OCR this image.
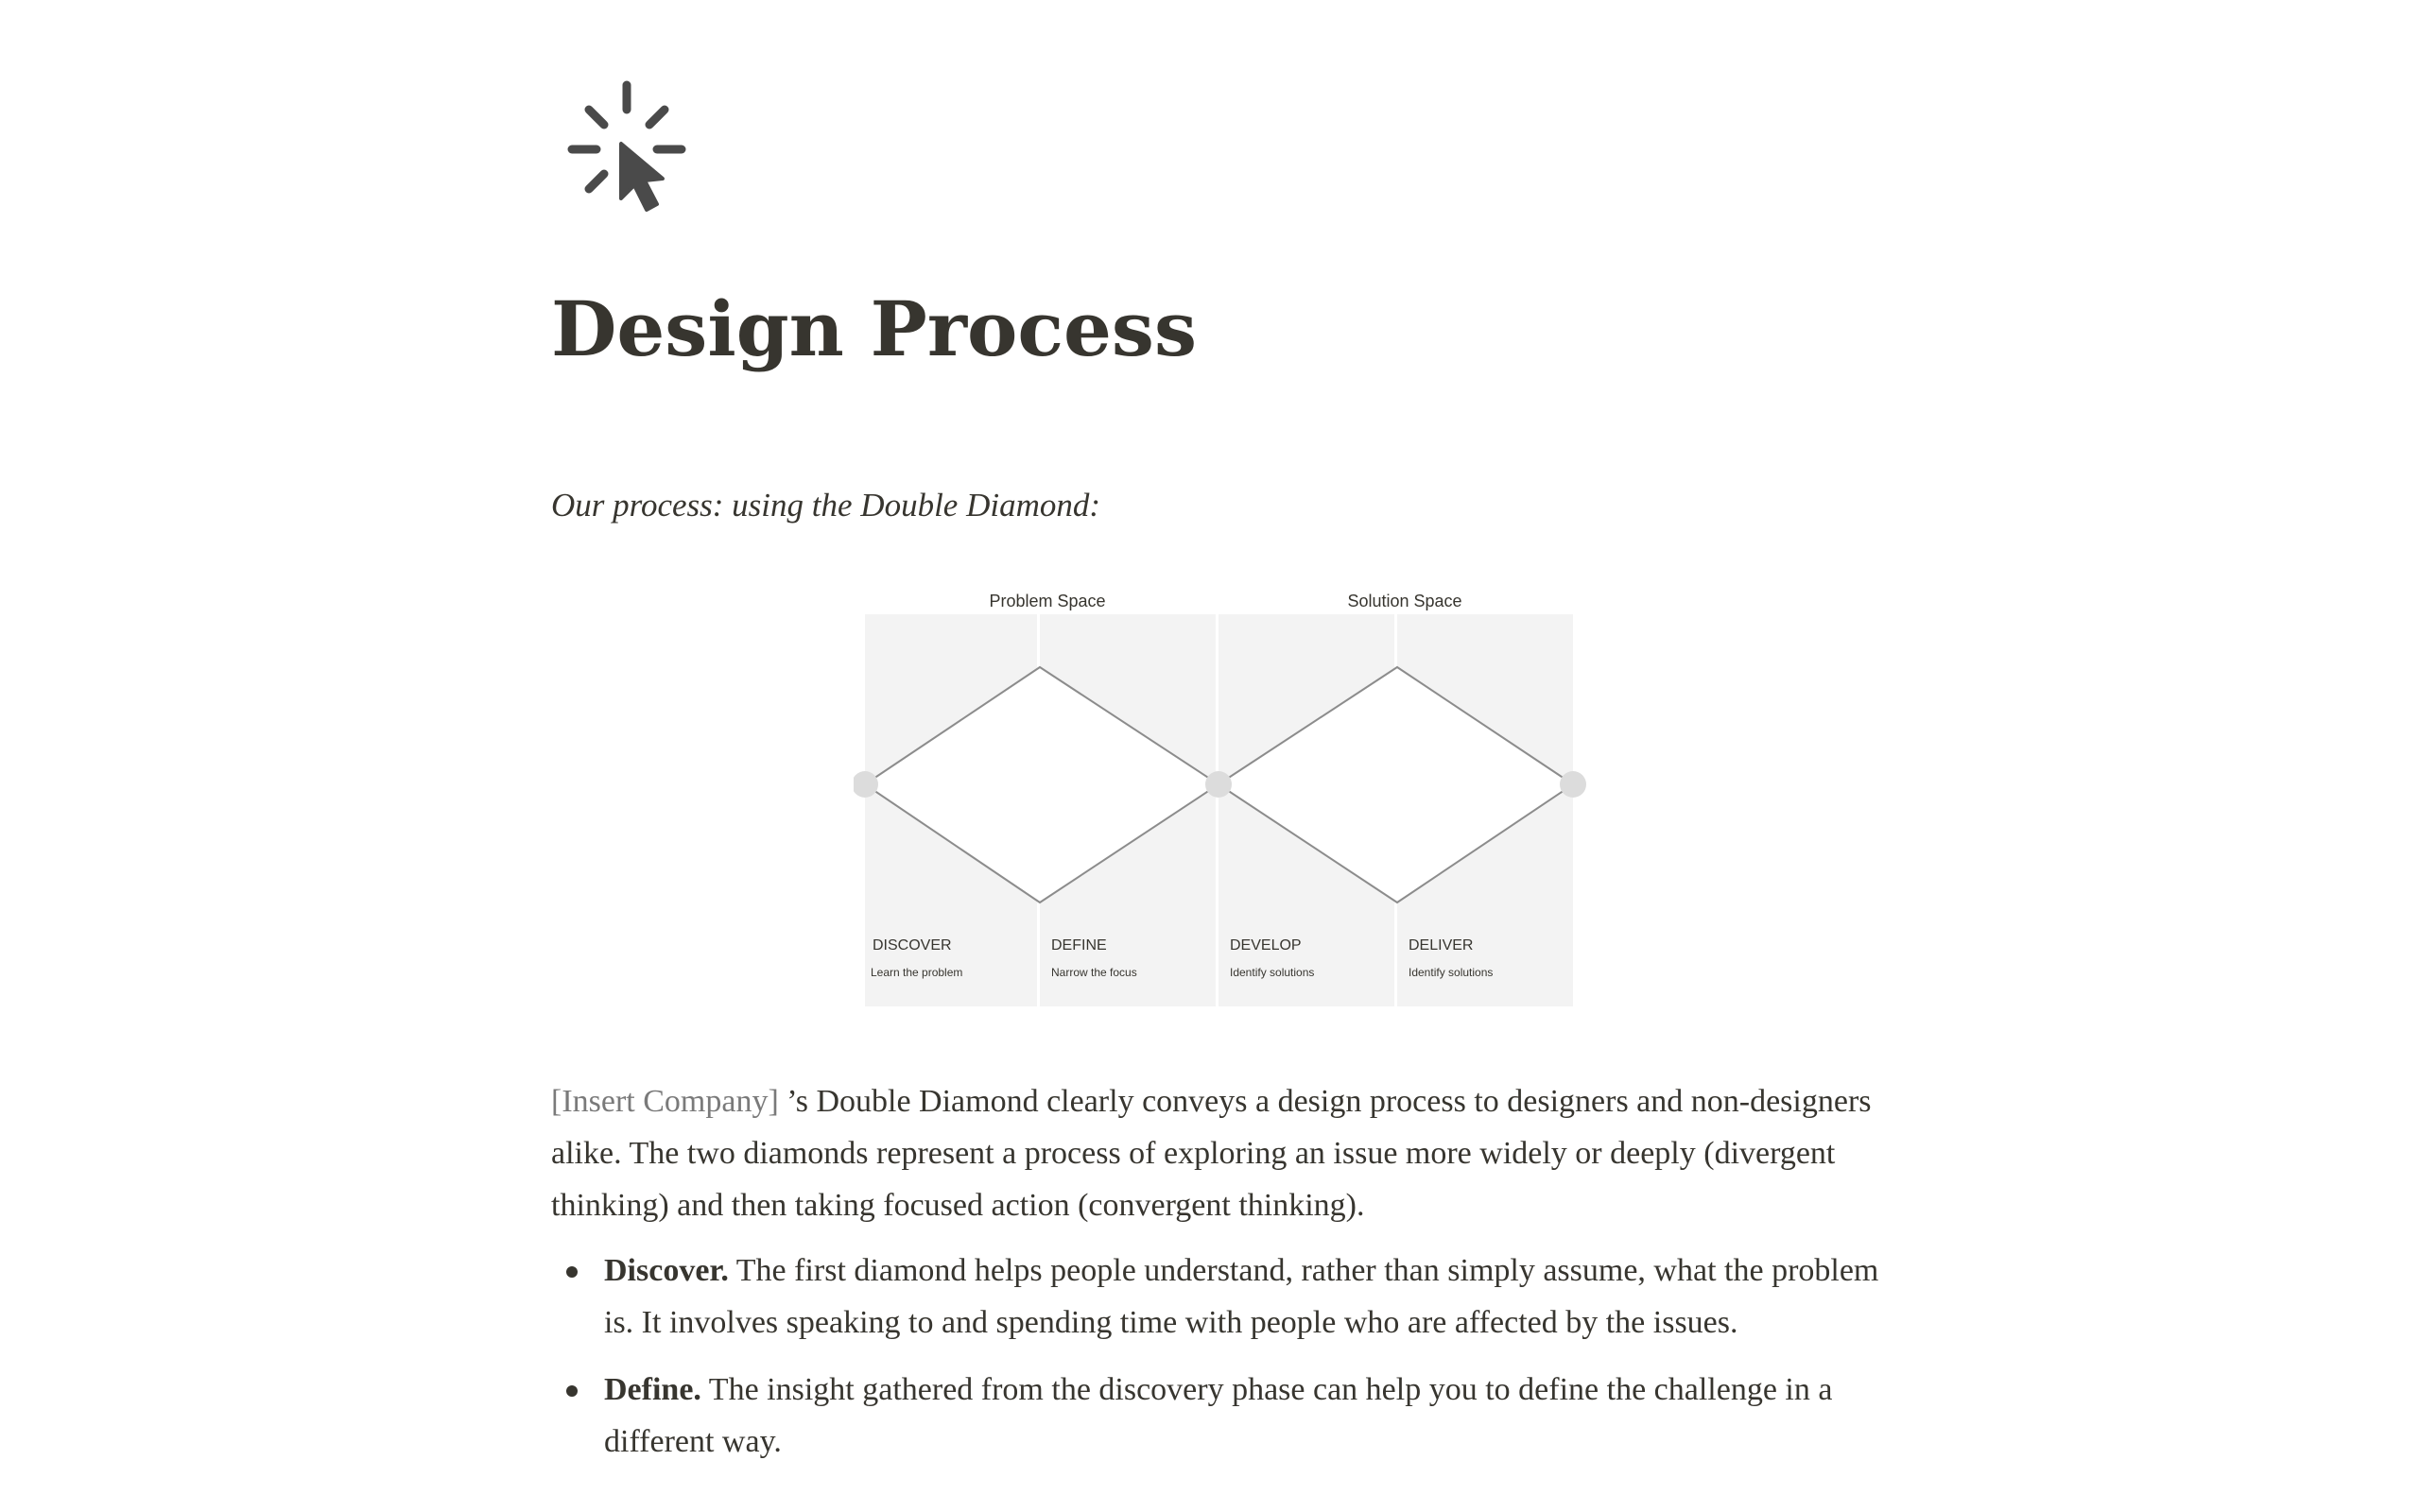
Design Process

Our process: using the Double Diamond:

Problem Space	Solution Space
DISCOVER
Learn the problem
DEFINE
Narrow the focus
DEVELOP
Identify solutions
DELIVER
Identify solutions

[Insert Company] ’s Double Diamond clearly conveys a design process to designers and non-designers alike. The two diamonds represent a process of exploring an issue more widely or deeply (divergent thinking) and then taking focused action (convergent thinking).

Discover. The first diamond helps people understand, rather than simply assume, what the problem is. It involves speaking to and spending time with people who are affected by the issues.
Define. The insight gathered from the discovery phase can help you to define the challenge in a different way.
